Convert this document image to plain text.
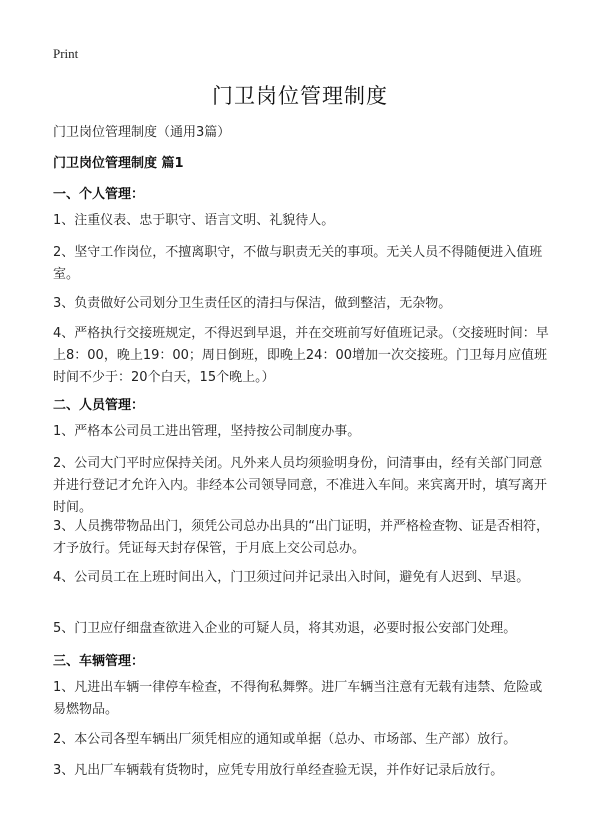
Print
门卫岗位管理制度
门卫岗位管理制度（通用3篇）
门卫岗位管理制度 篇1
一、个人管理：
1、注重仪表、忠于职守、语言文明、礼貌待人。
2、坚守工作岗位，不擅离职守，不做与职责无关的事项。无关人员不得随便进入值班室。
3、负责做好公司划分卫生责任区的清扫与保洁，做到整洁，无杂物。
4、严格执行交接班规定，不得迟到早退，并在交班前写好值班记录。（交接班时间：早上8：00，晚上19：00；周日倒班，即晚上24：00增加一次交接班。门卫每月应值班时间不少于：20个白天，15个晚上。）
二、人员管理：
1、严格本公司员工进出管理，坚持按公司制度办事。
2、公司大门平时应保持关闭。凡外来人员均须验明身份，问清事由，经有关部门同意并进行登记才允许入内。非经本公司领导同意，不准进入车间。来宾离开时，填写离开时间。
3、人员携带物品出门，须凭公司总办出具的“出门证明，并严格检查物、证是否相符，才予放行。凭证每天封存保管，于月底上交公司总办。
4、公司员工在上班时间出入，门卫须过问并记录出入时间，避免有人迟到、早退。
5、门卫应仔细盘查欲进入企业的可疑人员，将其劝退，必要时报公安部门处理。
三、车辆管理：
1、凡进出车辆一律停车检查，不得徇私舞弊。进厂车辆当注意有无载有违禁、危险或易燃物品。
2、本公司各型车辆出厂须凭相应的通知或单据（总办、市场部、生产部）放行。
3、凡出厂车辆载有货物时，应凭专用放行单经查验无误，并作好记录后放行。
